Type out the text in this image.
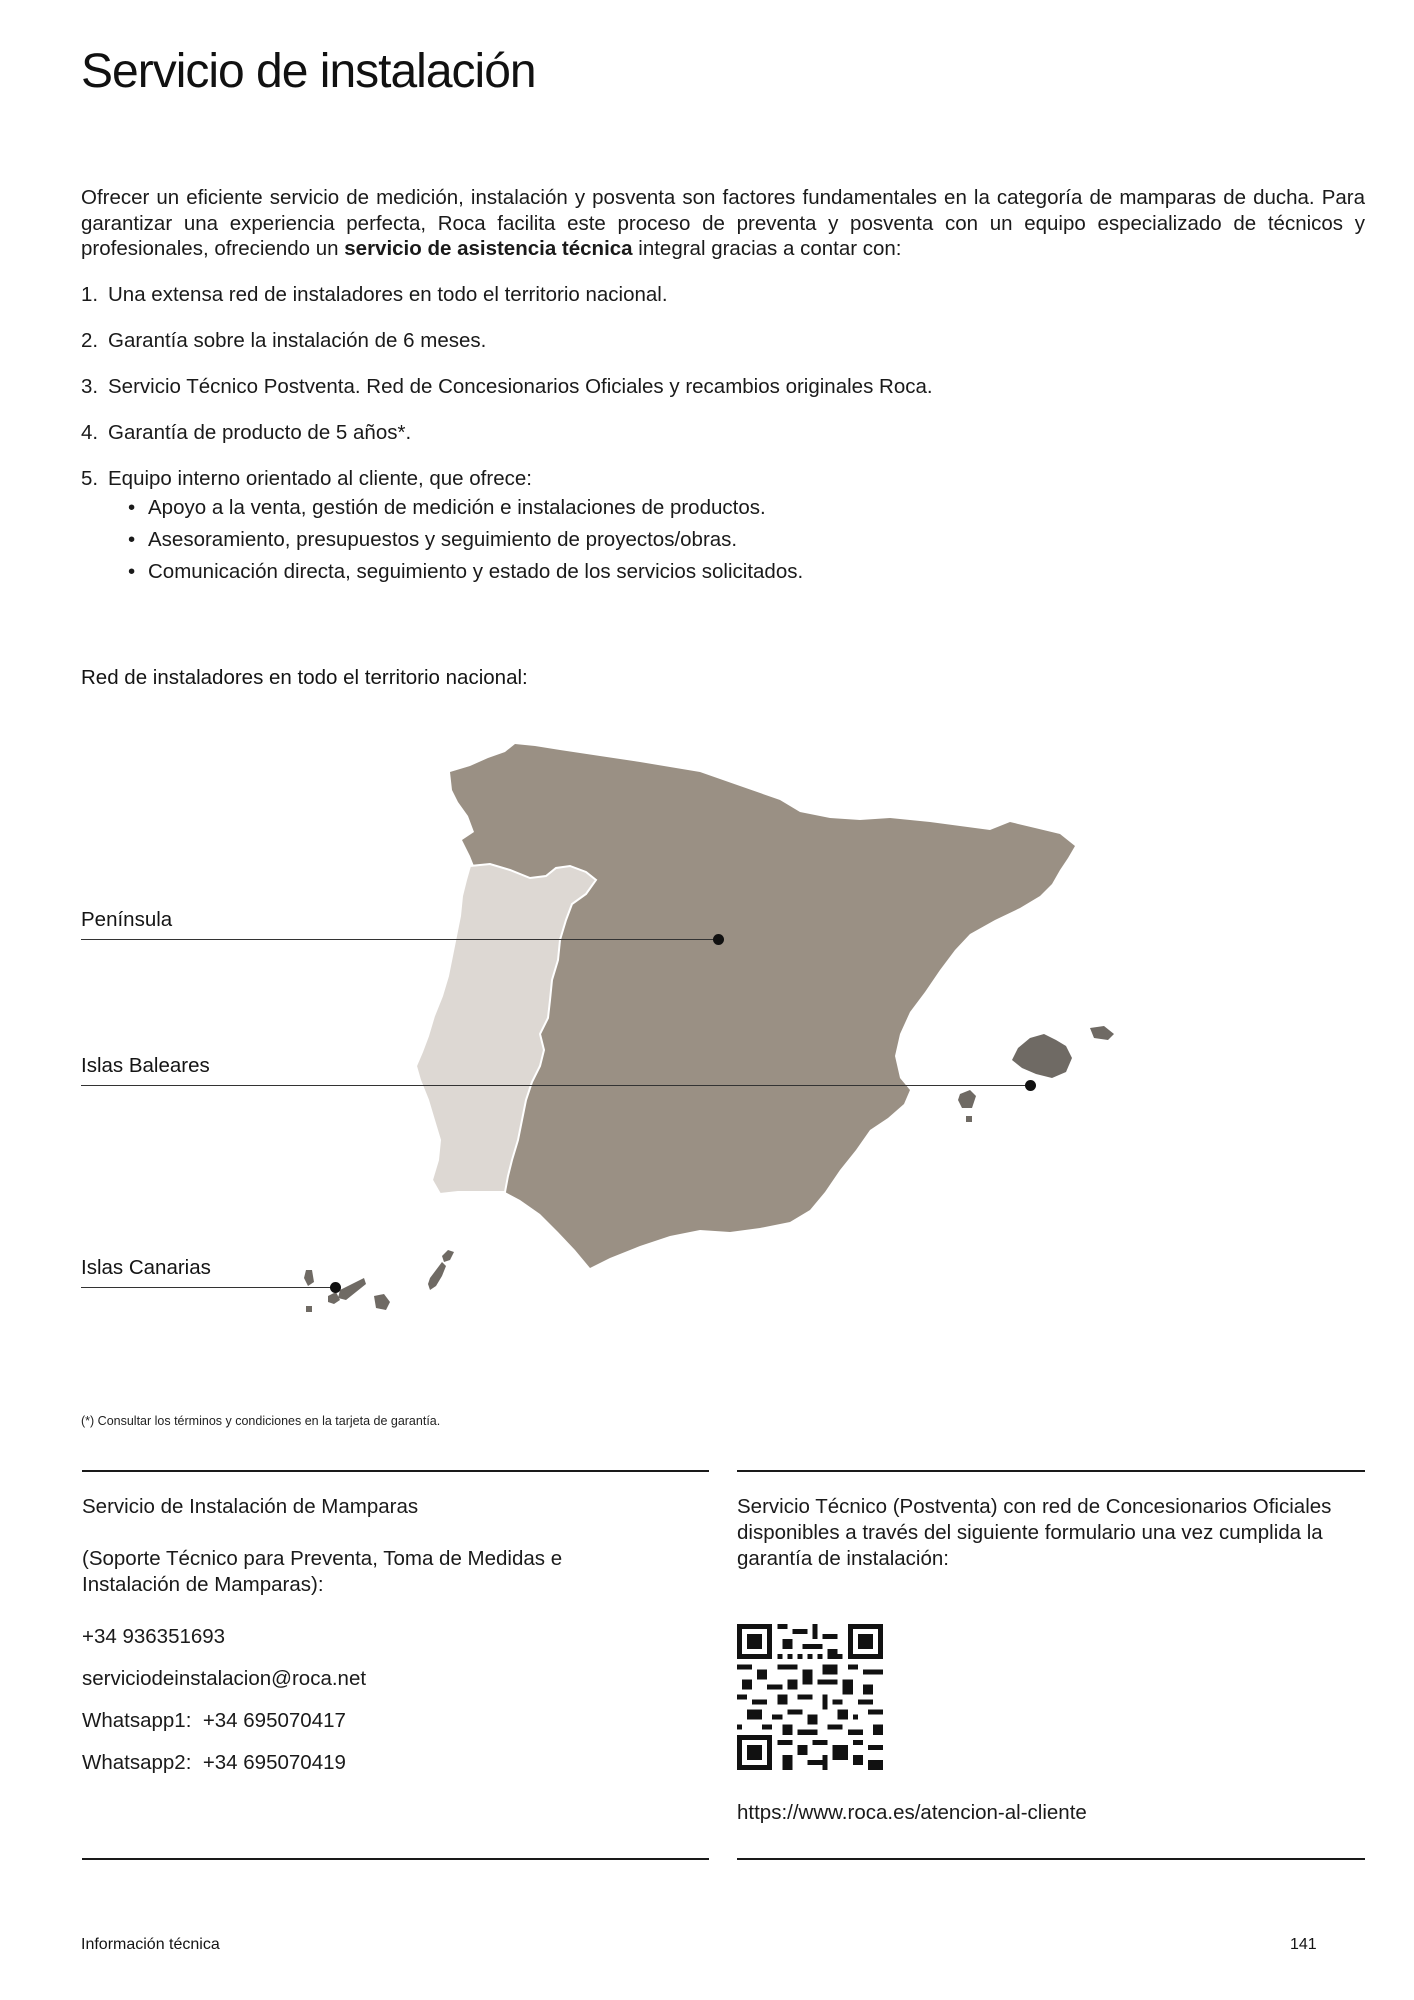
Servicio de instalación
Ofrecer un eficiente servicio de medición, instalación y posventa son factores fundamentales en la categoría de mamparas de ducha. Para garantizar una experiencia perfecta, Roca facilita este proceso de preventa y posventa con un equipo especializado de técnicos y profesionales, ofreciendo un servicio de asistencia técnica integral gracias a contar con:
1. Una extensa red de instaladores en todo el territorio nacional.
2. Garantía sobre la instalación de 6 meses.
3. Servicio Técnico Postventa. Red de Concesionarios Oficiales y recambios originales Roca.
4. Garantía de producto de 5 años*.
5. Equipo interno orientado al cliente, que ofrece:
• Apoyo a la venta, gestión de medición e instalaciones de productos.
• Asesoramiento, presupuestos y seguimiento de proyectos/obras.
• Comunicación directa, seguimiento y estado de los servicios solicitados.
Red de instaladores en todo el territorio nacional:
Península
Islas Baleares
Islas Canarias
(*) Consultar los términos y condiciones en la tarjeta de garantía.
Servicio de Instalación de Mamparas
(Soporte Técnico para Preventa, Toma de Medidas e Instalación de Mamparas):
+34 936351693
serviciodeinstalacion@roca.net
Whatsapp1: +34 695070417
Whatsapp2: +34 695070419
Servicio Técnico (Postventa) con red de Concesionarios Oficiales disponibles a través del siguiente formulario una vez cumplida la garantía de instalación:
https://www.roca.es/atencion-al-cliente
Información técnica	141
